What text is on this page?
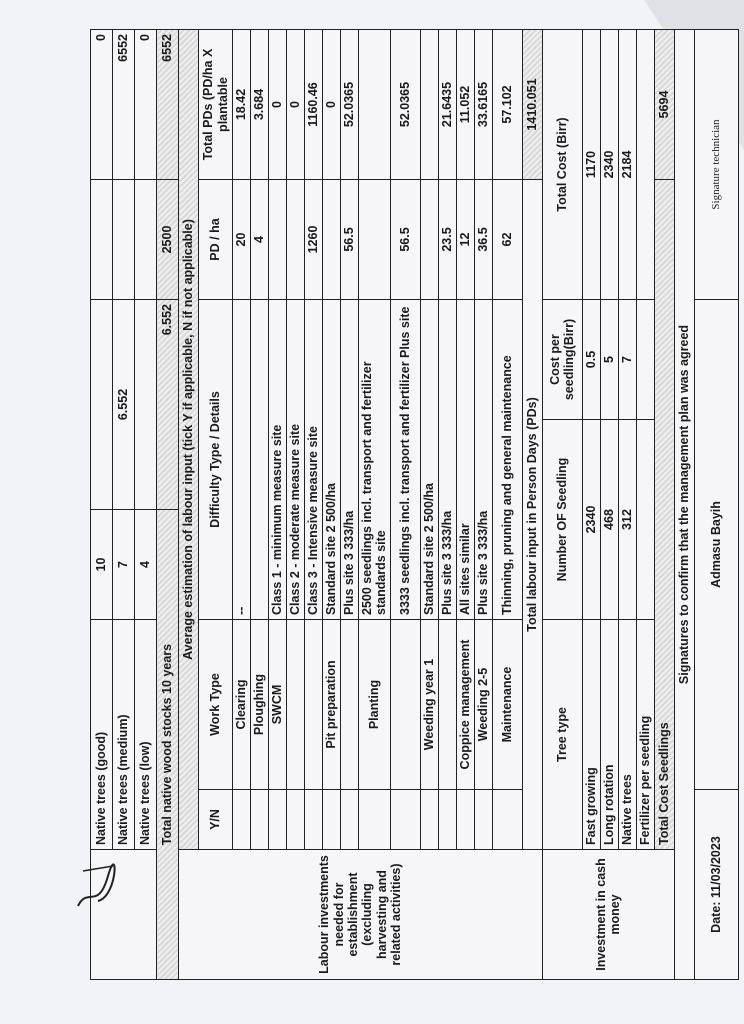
	Native trees (good)		10				0
	Native trees (medium)		7	6.552			6552
	Native trees (low)		4				0
Total native wood stocks 10 years				6.552		2500	6552
Labour investments needed for establishment (excluding harvesting and related activities)	Average estimation of labour input (tick Y if applicable, N if not applicable)						
	Y/N	Work Type	Difficulty Type / Details			PD / ha	Total PDs (PD/ha X plantable
		Clearing	--			20	18.42
		Ploughing				4	3.684
		SWCM	Class 1 - minimum measure site				0
			Class 2 - moderate measure site				0
			Class 3 - Intensive measure site			1260	1160.46
		Pit preparation	Standard site 2 500/ha				0
			Plus site 3 333/ha			56.5	52.0365
		Planting	2500 seedlings incl. transport and fertilizer standards site				
			3333 seedlings incl. transport and fertilizer Plus site			56.5	52.0365
		Weeding year 1	Standard site 2 500/ha				
			Plus site 3 333/ha			23.5	21.6435
		Coppice management	All sites similar			12	11.052
		Weeding 2-5	Plus site 3 333/ha			36.5	33.6165
		Maintenance	Thinning, pruning and general maintenance			62	57.102
	Total labour input in Person Days (PDs)						1410.051
Investment in cash money	Tree type		Number OF Seedling		Cost per seedling(Birr)	Total Cost (Birr)	
	Fast growing		2340		0.5	1170	
	Long rotation		468		5	2340	
	Native trees		312		7	2184	
	Fertilizer per seedling						
	Total Cost Seedlings						5694
Signatures to confirm that the management plan was agreed							
Date: 11/03/2023		Admasu Bayih				Signature technician	
